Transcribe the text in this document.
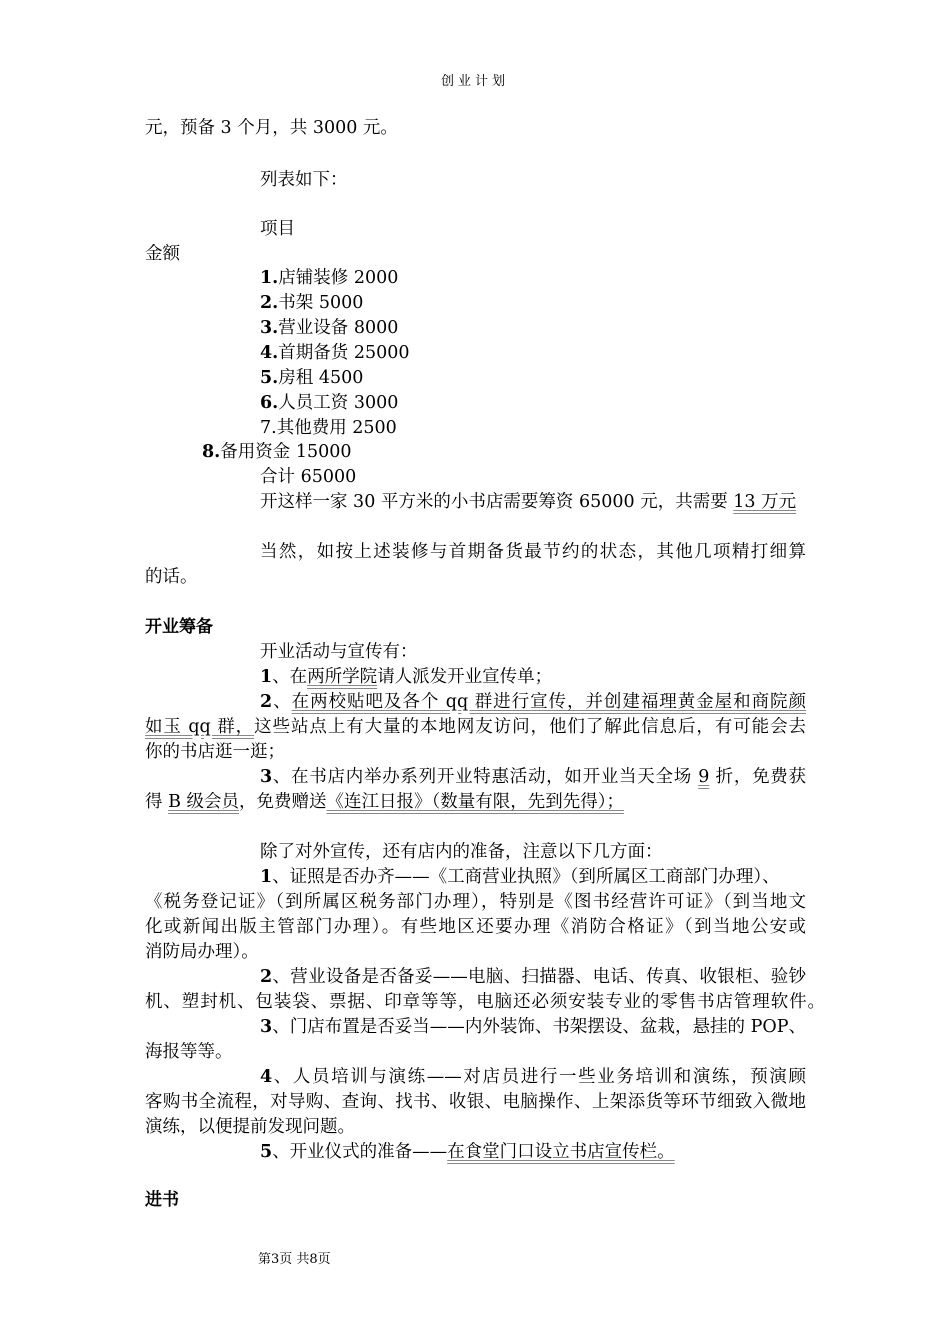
创业计划
元，预备 3 个月，共 3000 元。
列表如下：
项目
金额
1.店铺装修 2000
2.书架 5000
3.营业设备 8000
4.首期备货 25000
5.房租 4500
6.人员工资 3000
7.其他费用 2500
8.备用资金 15000
合计 65000
开这样一家 30 平方米的小书店需要筹资 65000 元，共需要 13 万元
当然，如按上述装修与首期备货最节约的状态，其他几项精打细算
的话。
开业筹备
开业活动与宣传有：
1、在两所学院请人派发开业宣传单；
2、在两校贴吧及各个 qq 群进行宣传，并创建福理黄金屋和商院颜
如玉 qq 群，这些站点上有大量的本地网友访问，他们了解此信息后，有可能会去
你的书店逛一逛；
3、在书店内举办系列开业特惠活动，如开业当天全场 9 折，免费获
得 B 级会员，免费赠送《连江日报》（数量有限，先到先得）；
除了对外宣传，还有店内的准备，注意以下几方面：
1、证照是否办齐——《工商营业执照》（到所属区工商部门办理）、
《税务登记证》（到所属区税务部门办理），特别是《图书经营许可证》（到当地文
化或新闻出版主管部门办理）。有些地区还要办理《消防合格证》（到当地公安或
消防局办理）。
2、营业设备是否备妥——电脑、扫描器、电话、传真、收银柜、验钞
机、塑封机、包装袋、票据、印章等等，电脑还必须安装专业的零售书店管理软件。
3、门店布置是否妥当——内外装饰、书架摆设、盆栽，悬挂的 POP、
海报等等。
4、人员培训与演练——对店员进行一些业务培训和演练，预演顾
客购书全流程，对导购、查询、找书、收银、电脑操作、上架添货等环节细致入微地
演练，以便提前发现问题。
5、开业仪式的准备——在食堂门口设立书店宣传栏。
进书
第3页 共8页
